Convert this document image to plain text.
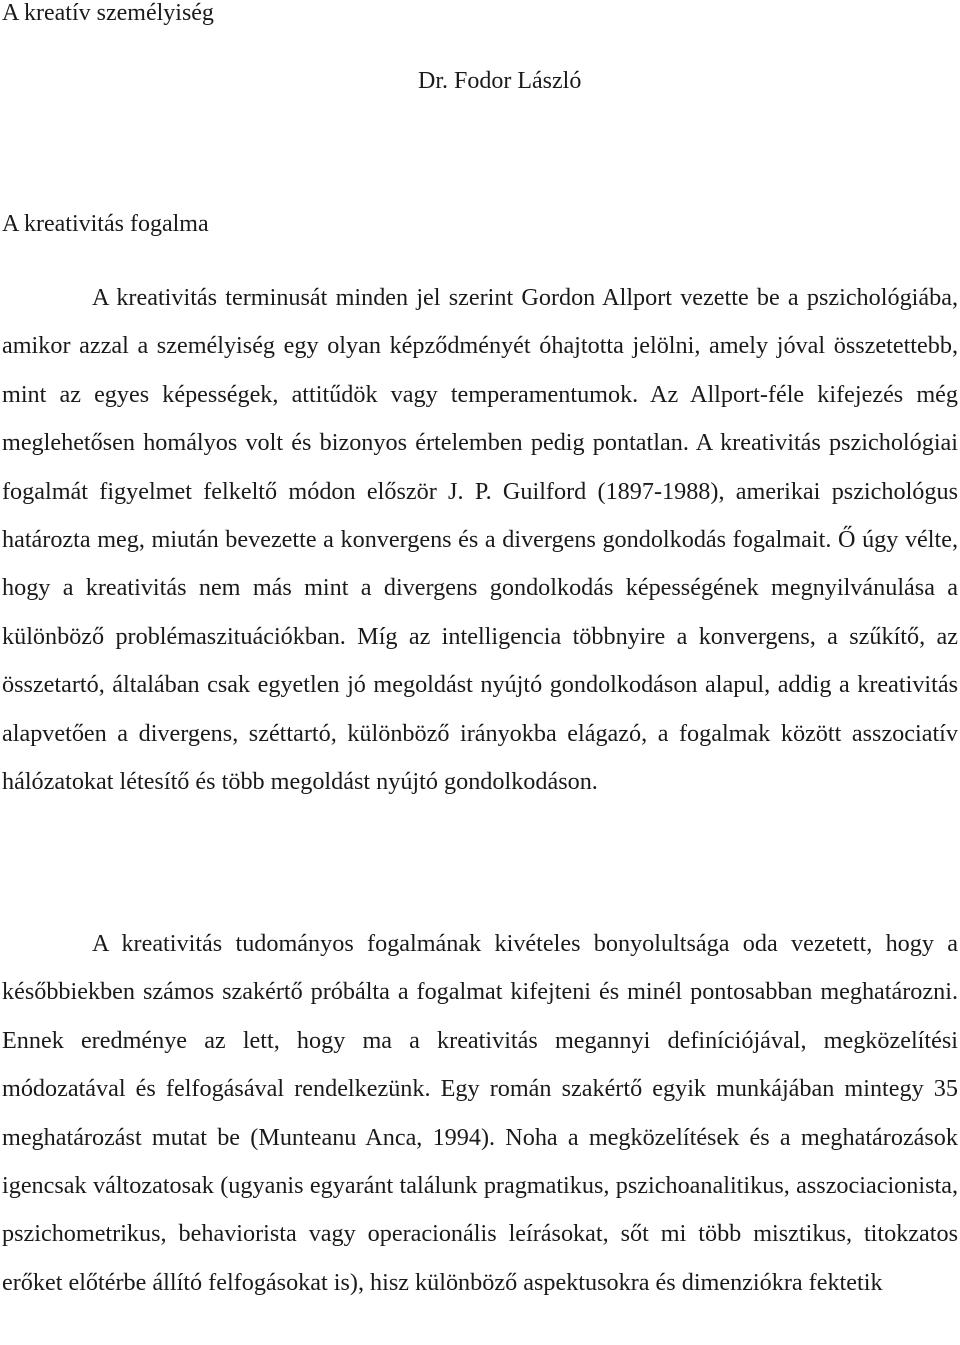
A kreatív személyiség

Dr. Fodor László

A kreativitás fogalma

A kreativitás terminusát minden jel szerint Gordon Allport vezette be a pszichológiába, amikor azzal a személyiség egy olyan képződményét óhajtotta jelölni, amely jóval összetettebb, mint az egyes képességek, attitűdök vagy temperamentumok. Az Allport-féle kifejezés még meglehetősen homályos volt és bizonyos értelemben pedig pontatlan. A kreativitás pszichológiai fogalmát figyelmet felkeltő módon először J. P. Guilford (1897-1988), amerikai pszichológus határozta meg, miután bevezette a konvergens és a divergens gondolkodás fogalmait. Ő úgy vélte, hogy a kreativitás nem más mint a divergens gondolkodás képességének megnyilvánulása a különböző problémaszituációkban. Míg az intelligencia többnyire a konvergens, a szűkítő, az összetartó, általában csak egyetlen jó megoldást nyújtó gondolkodáson alapul, addig a kreativitás alapvetően a divergens, széttartó, különböző irányokba elágazó, a fogalmak között asszociatív hálózatokat létesítő és több megoldást nyújtó gondolkodáson.

A kreativitás tudományos fogalmának kivételes bonyolultsága oda vezetett, hogy a későbbiekben számos szakértő próbálta a fogalmat kifejteni és minél pontosabban meghatározni. Ennek eredménye az lett, hogy ma a kreativitás megannyi definíciójával, megközelítési módozatával és felfogásával rendelkezünk. Egy román szakértő egyik munkájában mintegy 35 meghatározást mutat be (Munteanu Anca, 1994). Noha a megközelítések és a meghatározások igencsak változatosak (ugyanis egyaránt találunk pragmatikus, pszichoanalitikus, asszociacionista, pszichometrikus, behaviorista vagy operacionális leírásokat, sőt mi több misztikus, titokzatos erőket előtérbe állító felfogásokat is), hisz különböző aspektusokra és dimenziókra fektetik
